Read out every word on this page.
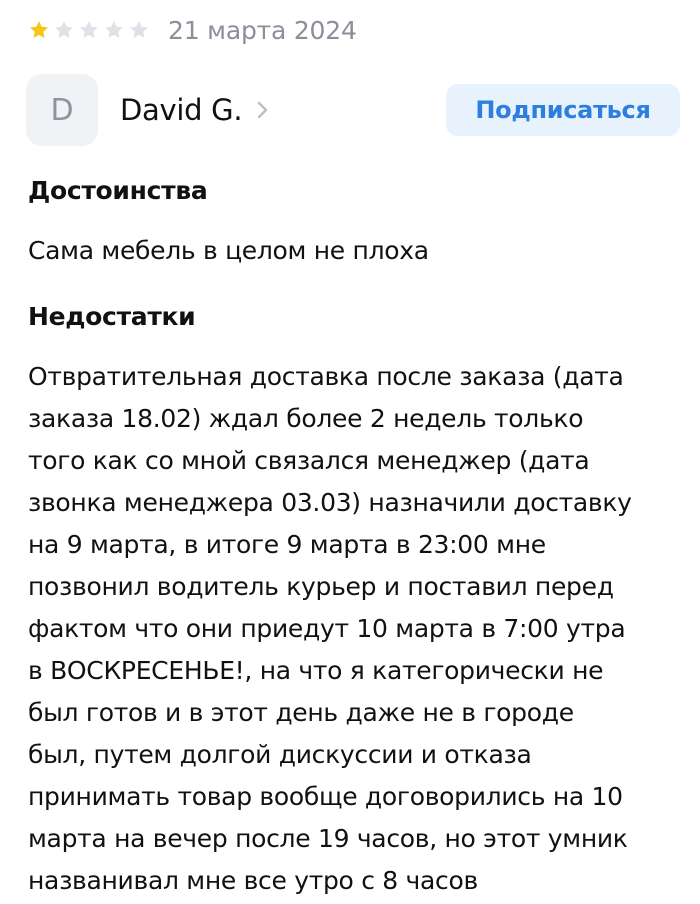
21 марта 2024
D	David G.	Подписаться
Достоинства
Сама мебель в целом не плоха
Недостатки
Отвратительная доставка после заказа (дата
заказа 18.02) ждал более 2 недель только
того как со мной связался менеджер (дата
звонка менеджера 03.03) назначили доставку
на 9 марта, в итоге 9 марта в 23:00 мне
позвонил водитель курьер и поставил перед
фактом что они приедут 10 марта в 7:00 утра
в ВОСКРЕСЕНЬЕ!, на что я категорически не
был готов и в этот день даже не в городе
был, путем долгой дискуссии и отказа
принимать товар вообще договорились на 10
марта на вечер после 19 часов, но этот умник
названивал мне все утро с 8 часов
